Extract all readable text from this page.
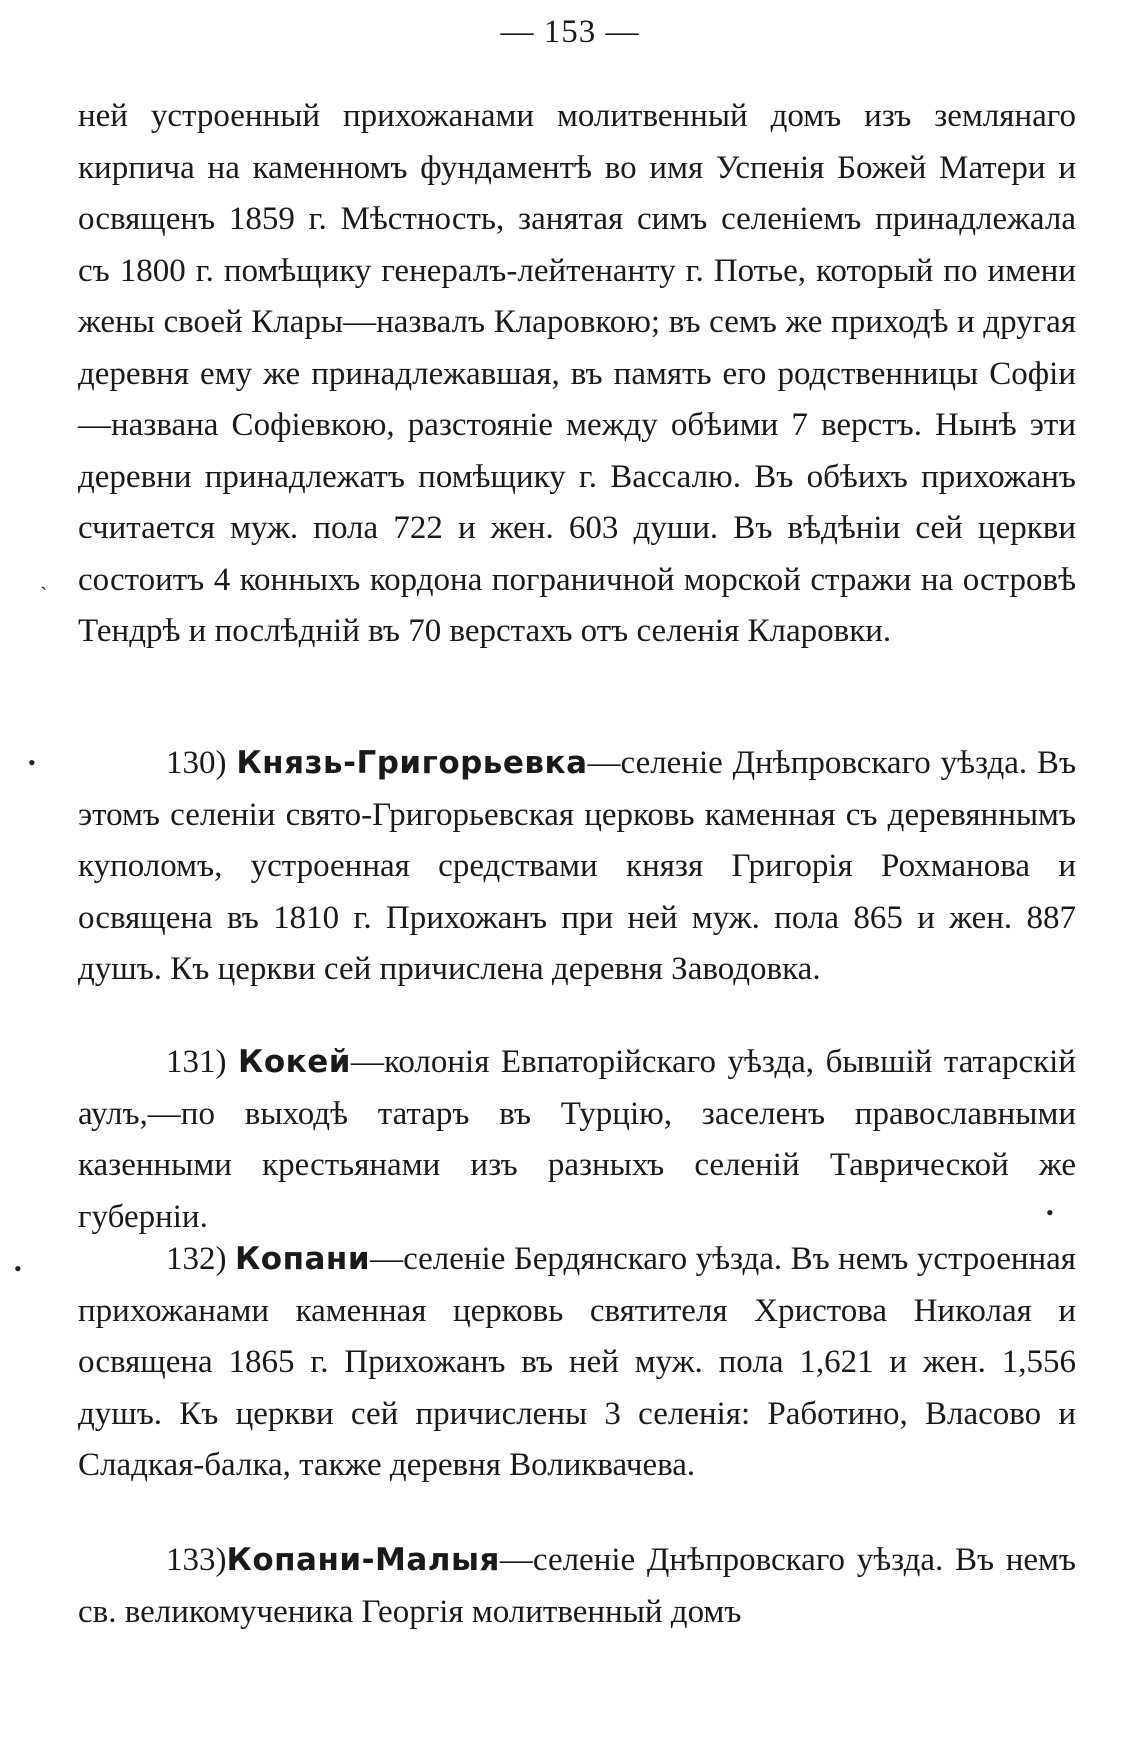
— 153 —
ней устроенный прихожанами молитвенный домъ изъ землянаго кирпича на каменномъ фундаментѣ во имя Успенія Божей Матери и освященъ 1859 г. Мѣстность, занятая симъ селеніемъ принадлежала съ 1800 г. помѣщику генералъ-лейтенанту г. Потье, который по имени жены своей Клары—назвалъ Кларовкою; въ семъ же приходѣ и другая деревня ему же принадлежавшая, въ память его родственницы Софіи—названа Софіевкою, разстояніе между обѣими 7 верстъ. Нынѣ эти деревни принадлежатъ помѣщику г. Вассалю. Въ обѣихъ прихожанъ считается муж. пола 722 и жен. 603 души. Въ вѣдѣніи сей церкви состоитъ 4 конныхъ кордона пограничной морской стражи на островѣ Тендрѣ и послѣдній въ 70 верстахъ отъ селенія Кларовки.
130) Князь-Григорьевка—селеніе Днѣпровскаго уѣзда. Въ этомъ селеніи свято-Григорьевская церковь каменная съ деревяннымъ куполомъ, устроенная средствами князя Григорія Рохманова и освящена въ 1810 г. Прихожанъ при ней муж. пола 865 и жен. 887 душъ. Къ церкви сей причислена деревня Заводовка.
131) Кокей—колонія Евпаторійскаго уѣзда, бывшій татарскій аулъ,—по выходѣ татаръ въ Турцію, заселенъ православными казенными крестьянами изъ разныхъ селеній Таврической же губерніи.
132) Копани—селеніе Бердянскаго уѣзда. Въ немъ устроенная прихожанами каменная церковь святителя Христова Николая и освящена 1865 г. Прихожанъ въ ней муж. пола 1,621 и жен. 1,556 душъ. Къ церкви сей причислены 3 селенія: Работино, Власово и Сладкая-балка, также деревня Воликвачева.
133)Копани-Малыя—селеніе Днѣпровскаго уѣзда. Въ немъ св. великомученика Георгія молитвенный домъ
•
•
•
ˋ
